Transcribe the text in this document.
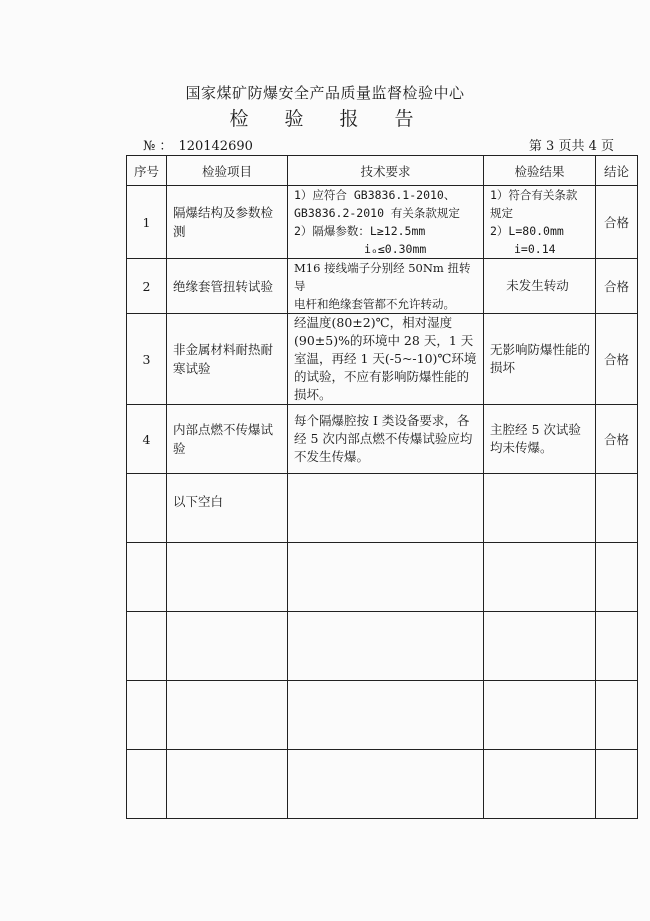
国家煤矿防爆安全产品质量监督检验中心
检 验 报 告
№ ： 120142690	第 3 页共 4 页
序号	检验项目	技术要求	检验结果	结论
1	隔爆结构及参数检测	1）应符合 GB3836.1-2010、
GB3836.2-2010 有关条款规定
2）隔爆参数：L≥12.5mm
iₒ≤0.30mm	1）符合有关条款
规定
2）L=80.0mm
i=0.14	合格
2	绝缘套管扭转试验	M16 接线端子分别经 50Nm 扭转导
电杆和绝缘套管都不允许转动。	未发生转动	合格
3	非金属材料耐热耐寒试验	经温度(80±2)℃，相对湿度(90±5)%的环境中 28 天，1 天室温，再经 1 天(-5~-10)℃环境的试验，不应有影响防爆性能的损坏。	无影响防爆性能的损坏	合格
4	内部点燃不传爆试验	每个隔爆腔按 I 类设备要求，各经 5 次内部点燃不传爆试验应均不发生传爆。	主腔经 5 次试验均未传爆。	合格
	以下空白			
